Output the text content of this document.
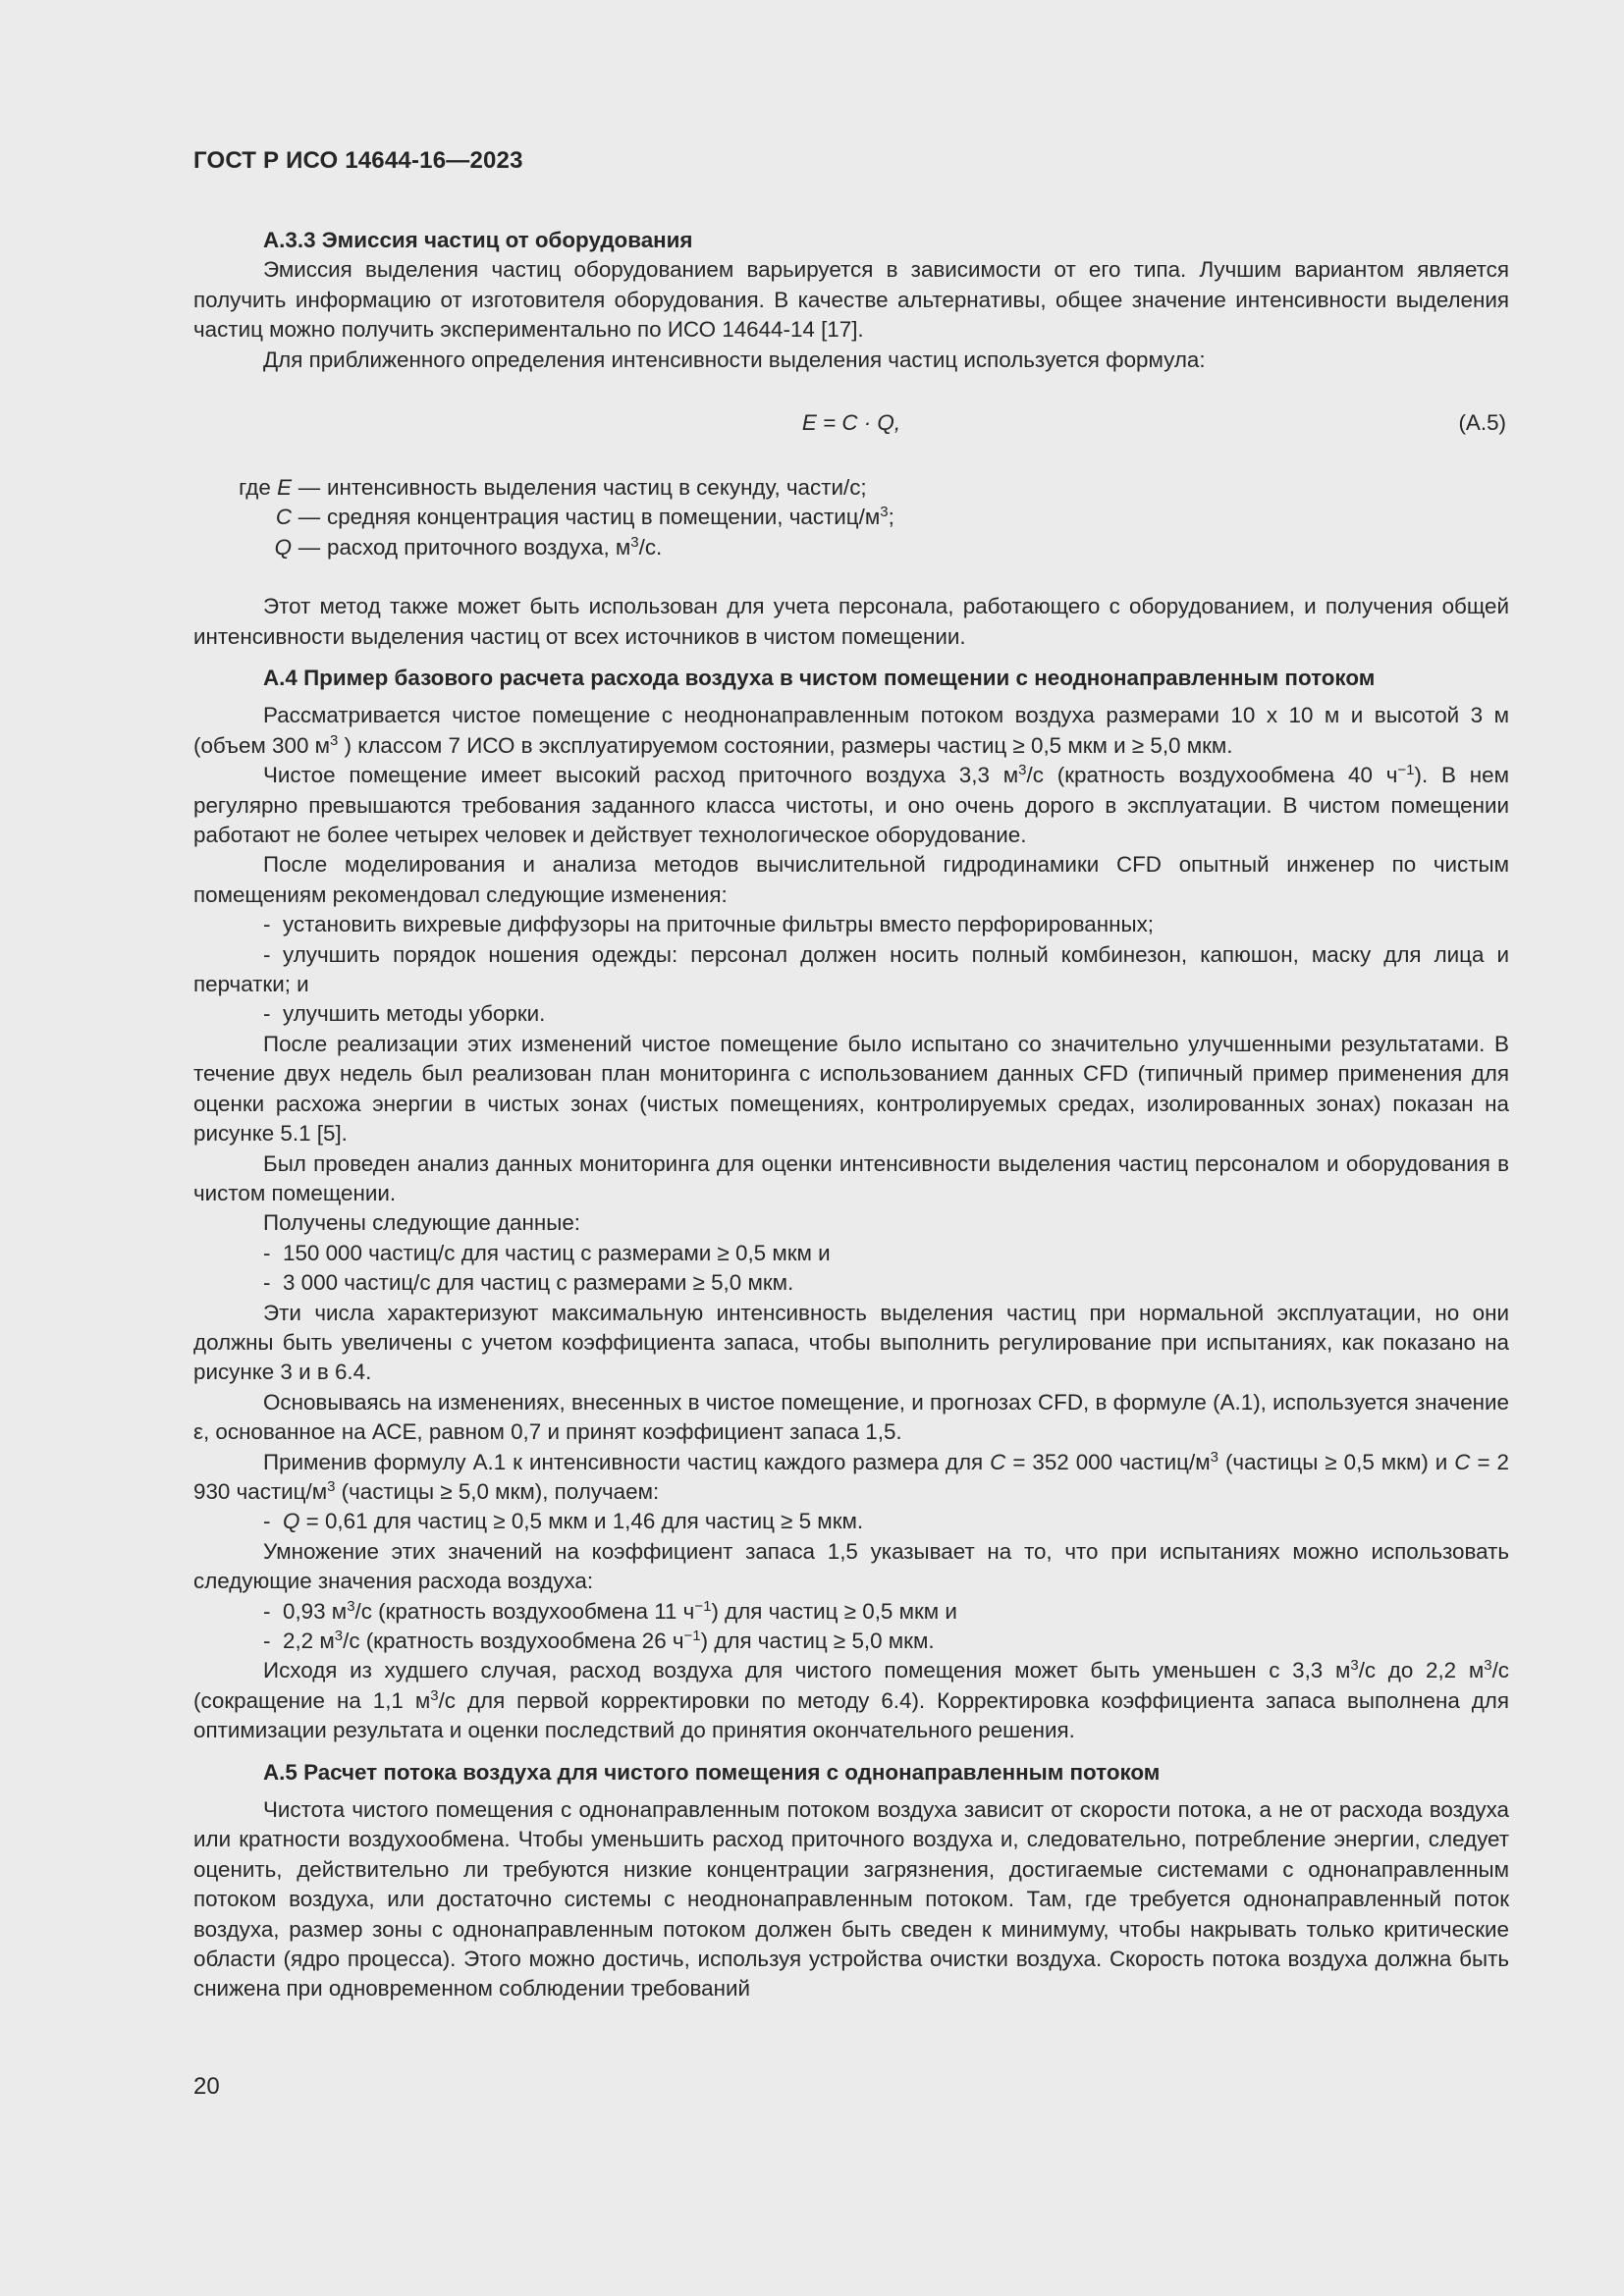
ГОСТ Р ИСО 14644-16—2023

А.3.3 Эмиссия частиц от оборудования

Эмиссия выделения частиц оборудованием варьируется в зависимости от его типа. Лучшим вариантом является получить информацию от изготовителя оборудования. В качестве альтернативы, общее значение интенсивности выделения частиц можно получить экспериментально по ИСО 14644-14 [17].

Для приближенного определения интенсивности выделения частиц используется формула:

E = C · Q,	(А.5)
где E — интенсивность выделения частиц в секунду, части/с;
C — средняя концентрация частиц в помещении, частиц/$м^3$;
Q — расход приточного воздуха, $м^3/с$.

Этот метод также может быть использован для учета персонала, работающего с оборудованием, и получения общей интенсивности выделения частиц от всех источников в чистом помещении.

А.4 Пример базового расчета расхода воздуха в чистом помещении с неоднонаправленным потоком

Рассматривается чистое помещение с неоднонаправленным потоком воздуха размерами 10 х 10 м и высотой 3 м (объем 300 $м^3$ ) классом 7 ИСО в эксплуатируемом состоянии, размеры частиц ≥ 0,5 мкм и ≥ 5,0 мкм.

Чистое помещение имеет высокий расход приточного воздуха 3,3 $м^3/с$ (кратность воздухообмена 40 $ч^{-1}$). В нем регулярно превышаются требования заданного класса чистоты, и оно очень дорого в эксплуатации. В чистом помещении работают не более четырех человек и действует технологическое оборудование.

После моделирования и анализа методов вычислительной гидродинамики CFD опытный инженер по чистым помещениям рекомендовал следующие изменения:

- установить вихревые диффузоры на приточные фильтры вместо перфорированных;

- улучшить порядок ношения одежды: персонал должен носить полный комбинезон, капюшон, маску для лица и перчатки; и

- улучшить методы уборки.

После реализации этих изменений чистое помещение было испытано со значительно улучшенными результатами. В течение двух недель был реализован план мониторинга с использованием данных CFD (типичный пример применения для оценки расхожа энергии в чистых зонах (чистых помещениях, контролируемых средах, изолированных зонах) показан на рисунке 5.1 [5].

Был проведен анализ данных мониторинга для оценки интенсивности выделения частиц персоналом и оборудования в чистом помещении.

Получены следующие данные:

- 150 000 частиц/с для частиц с размерами ≥ 0,5 мкм и

- 3 000 частиц/с для частиц с размерами ≥ 5,0 мкм.

Эти числа характеризуют максимальную интенсивность выделения частиц при нормальной эксплуатации, но они должны быть увеличены с учетом коэффициента запаса, чтобы выполнить регулирование при испытаниях, как показано на рисунке 3 и в 6.4.

Основываясь на изменениях, внесенных в чистое помещение, и прогнозах CFD, в формуле (А.1), используется значение ε, основанное на АСЕ, равном 0,7 и принят коэффициент запаса 1,5.

Применив формулу А.1 к интенсивности частиц каждого размера для C = 352 000 частиц/$м^3$ (частицы ≥ 0,5 мкм) и C = 2 930 частиц/$м^3$ (частицы ≥ 5,0 мкм), получаем:

- Q = 0,61 для частиц ≥ 0,5 мкм и 1,46 для частиц ≥ 5 мкм.

Умножение этих значений на коэффициент запаса 1,5 указывает на то, что при испытаниях можно использовать следующие значения расхода воздуха:

- 0,93 $м^3/с$ (кратность воздухообмена 11 $ч^{-1}$) для частиц ≥ 0,5 мкм и

- 2,2 $м^3/с$ (кратность воздухообмена 26 $ч^{-1}$) для частиц ≥ 5,0 мкм.

Исходя из худшего случая, расход воздуха для чистого помещения может быть уменьшен с 3,3 $м^3/с$ до 2,2 $м^3/с$ (сокращение на 1,1 $м^3/с$ для первой корректировки по методу 6.4). Корректировка коэффициента запаса выполнена для оптимизации результата и оценки последствий до принятия окончательного решения.

А.5 Расчет потока воздуха для чистого помещения с однонаправленным потоком

Чистота чистого помещения с однонаправленным потоком воздуха зависит от скорости потока, а не от расхода воздуха или кратности воздухообмена. Чтобы уменьшить расход приточного воздуха и, следовательно, потребление энергии, следует оценить, действительно ли требуются низкие концентрации загрязнения, достигаемые системами с однонаправленным потоком воздуха, или достаточно системы с неоднонаправленным потоком. Там, где требуется однонаправленный поток воздуха, размер зоны с однонаправленным потоком должен быть сведен к минимуму, чтобы накрывать только критические области (ядро процесса). Этого можно достичь, используя устройства очистки воздуха. Скорость потока воздуха должна быть снижена при одновременном соблюдении требований

20
